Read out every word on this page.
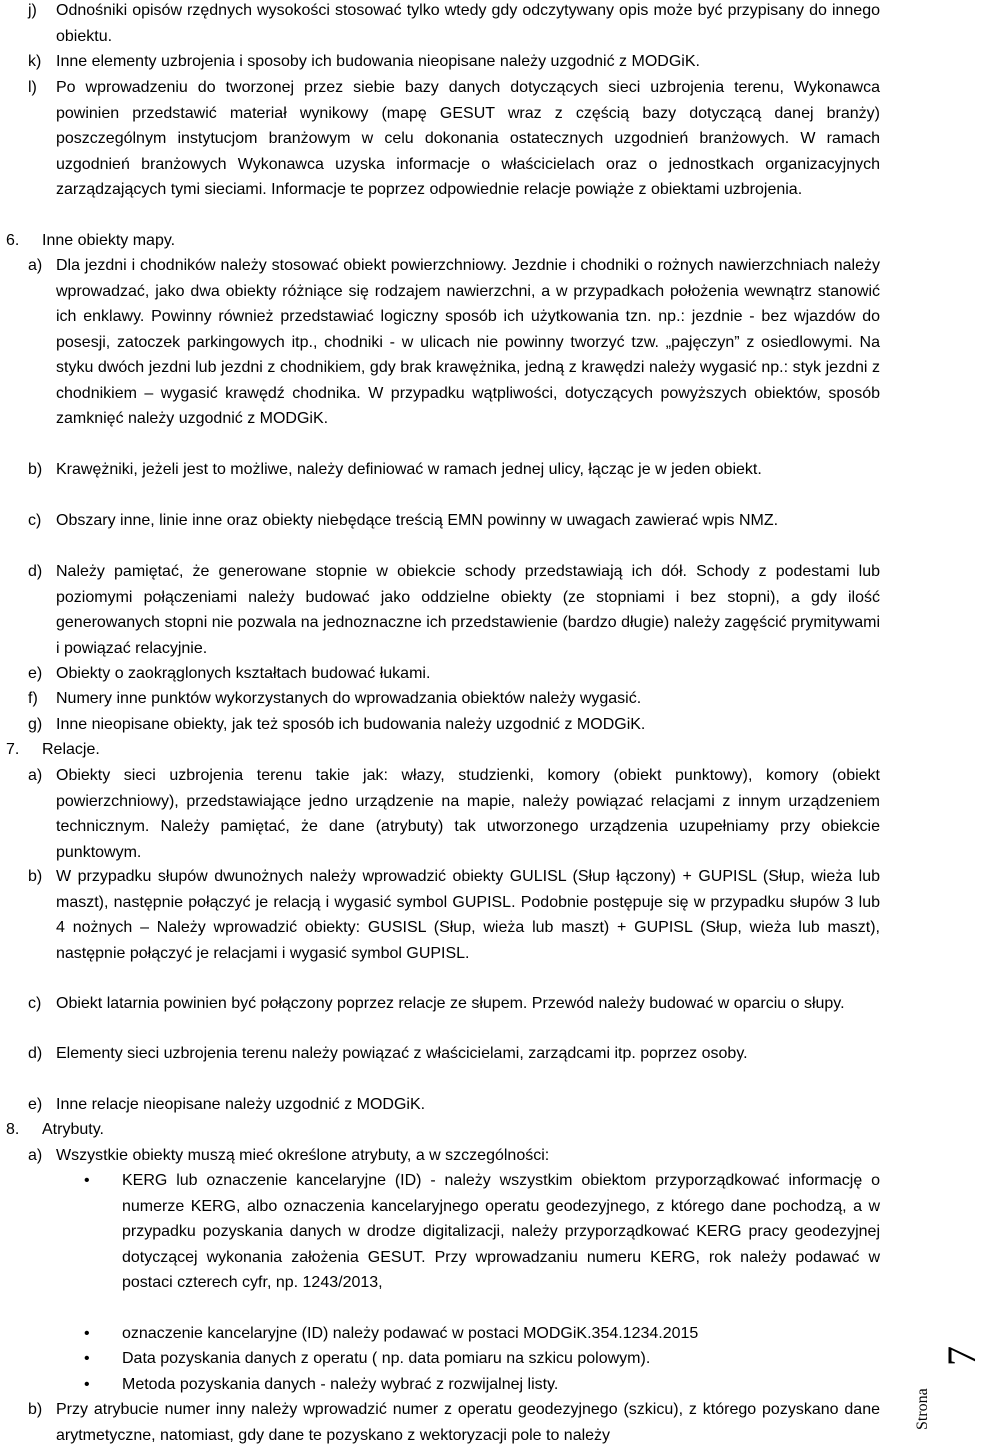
j) Odnośniki opisów rzędnych wysokości stosować tylko wtedy gdy odczytywany opis może być przypisany do innego obiektu.

k) Inne elementy uzbrojenia i sposoby ich budowania nieopisane należy uzgodnić z MODGiK.

l) Po wprowadzeniu do tworzonej przez siebie bazy danych dotyczących sieci uzbrojenia terenu, Wykonawca powinien przedstawić materiał wynikowy (mapę GESUT wraz z częścią bazy dotyczącą danej branży) poszczególnym instytucjom branżowym w celu dokonania ostatecznych uzgodnień branżowych. W ramach uzgodnień branżowych Wykonawca uzyska informacje o właścicielach oraz o jednostkach organizacyjnych zarządzających tymi sieciami. Informacje te poprzez odpowiednie relacje powiąże z obiektami uzbrojenia.

6. Inne obiekty mapy.

a) Dla jezdni i chodników należy stosować obiekt powierzchniowy. Jezdnie i chodniki o rożnych nawierzchniach należy wprowadzać, jako dwa obiekty różniące się rodzajem nawierzchni, a w przypadkach położenia wewnątrz stanowić ich enklawy. Powinny również przedstawiać logiczny sposób ich użytkowania tzn. np.: jezdnie - bez wjazdów do posesji, zatoczek parkingowych itp., chodniki - w ulicach nie powinny tworzyć tzw. „pajęczyn” z osiedlowymi. Na styku dwóch jezdni lub jezdni z chodnikiem, gdy brak krawężnika, jedną z krawędzi należy wygasić np.: styk jezdni z chodnikiem – wygasić krawędź chodnika. W przypadku wątpliwości, dotyczących powyższych obiektów, sposób zamknięć należy uzgodnić z MODGiK.

b) Krawężniki, jeżeli jest to możliwe, należy definiować w ramach jednej ulicy, łącząc je w jeden obiekt.

c) Obszary inne, linie inne oraz obiekty niebędące treścią EMN powinny w uwagach zawierać wpis NMZ.

d) Należy pamiętać, że generowane stopnie w obiekcie schody przedstawiają ich dół. Schody z podestami lub poziomymi połączeniami należy budować jako oddzielne obiekty (ze stopniami i bez stopni), a gdy ilość generowanych stopni nie pozwala na jednoznaczne ich przedstawienie (bardzo długie) należy zagęścić prymitywami i powiązać relacyjnie.

e) Obiekty o zaokrąglonych kształtach budować łukami.

f) Numery inne punktów wykorzystanych do wprowadzania obiektów należy wygasić.

g) Inne nieopisane obiekty, jak też sposób ich budowania należy uzgodnić z MODGiK.

7. Relacje.

a) Obiekty sieci uzbrojenia terenu takie jak: włazy, studzienki, komory (obiekt punktowy), komory (obiekt powierzchniowy), przedstawiające jedno urządzenie na mapie, należy powiązać relacjami z innym urządzeniem technicznym. Należy pamiętać, że dane (atrybuty) tak utworzonego urządzenia uzupełniamy przy obiekcie punktowym.

b) W przypadku słupów dwunożnych należy wprowadzić obiekty GULISL (Słup łączony) + GUPISL (Słup, wieża lub maszt), następnie połączyć je relacją i wygasić symbol GUPISL. Podobnie postępuje się w przypadku słupów 3 lub 4 nożnych – Należy wprowadzić obiekty: GUSISL (Słup, wieża lub maszt) + GUPISL (Słup, wieża lub maszt), następnie połączyć je relacjami i wygasić symbol GUPISL.

c) Obiekt latarnia powinien być połączony poprzez relacje ze słupem. Przewód należy budować w oparciu o słupy.

d) Elementy sieci uzbrojenia terenu należy powiązać z właścicielami, zarządcami itp. poprzez osoby.

e) Inne relacje nieopisane należy uzgodnić z MODGiK.

8. Atrybuty.

a) Wszystkie obiekty muszą mieć określone atrybuty, a w szczególności:

• KERG lub oznaczenie kancelaryjne (ID) - należy wszystkim obiektom przyporządkować informację o numerze KERG, albo oznaczenia kancelaryjnego operatu geodezyjnego, z którego dane pochodzą, a w przypadku pozyskania danych w drodze digitalizacji, należy przyporządkować KERG pracy geodezyjnej dotyczącej wykonania założenia GESUT. Przy wprowadzaniu numeru KERG, rok należy podawać w postaci czterech cyfr, np. 1243/2013,

• oznaczenie kancelaryjne (ID) należy podawać w postaci MODGiK.354.1234.2015

• Data pozyskania danych z operatu ( np. data pomiaru na szkicu polowym).

• Metoda pozyskania danych - należy wybrać z rozwijalnej listy.

b) Przy atrybucie numer inny należy wprowadzić numer z operatu geodezyjnego (szkicu), z którego pozyskano dane arytmetyczne, natomiast, gdy dane te pozyskano z wektoryzacji pole to należy

Strona
7
